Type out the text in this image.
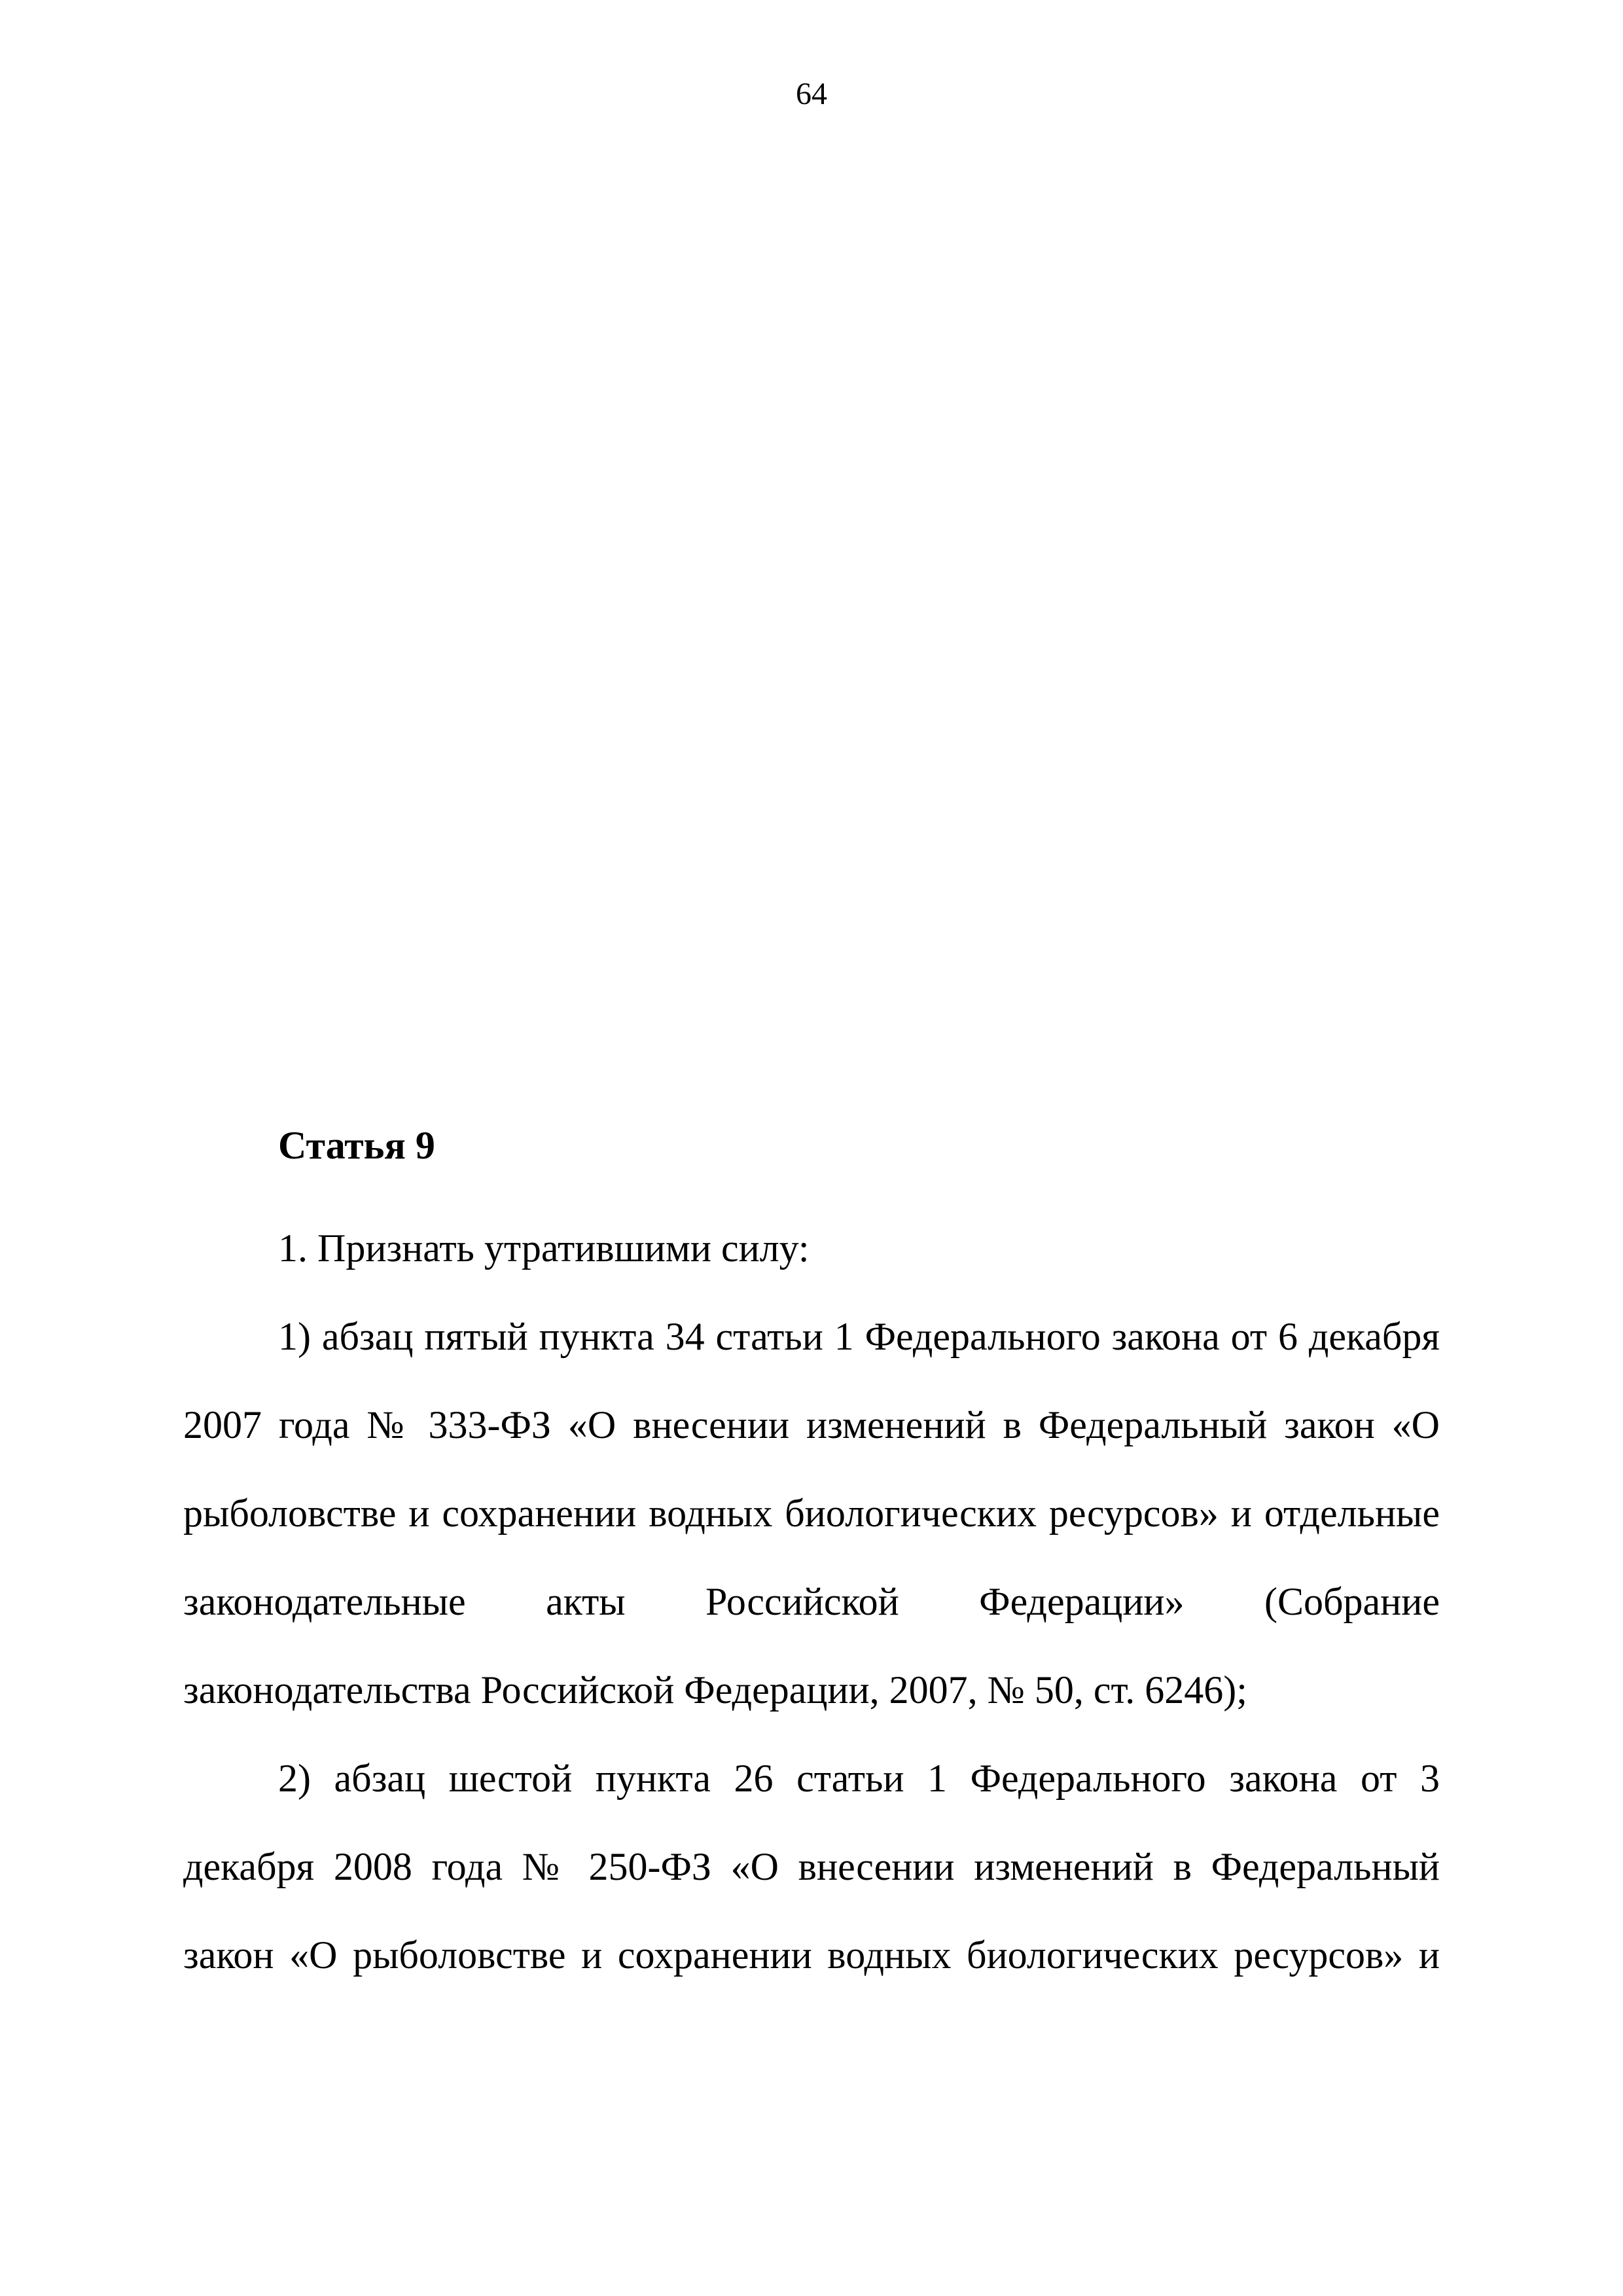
64
Статья 9

1. Признать утратившими силу:

1) абзац пятый пункта 34 статьи 1 Федерального закона от 6 декабря 2007 года № 333-ФЗ «О внесении изменений в Федеральный закон «О рыболовстве и сохранении водных биологических ресурсов» и отдельные законодательные акты Российской Федерации» (Собрание законодательства Российской Федерации, 2007, № 50, ст. 6246);

2) абзац шестой пункта 26 статьи 1 Федерального закона от 3 декабря 2008 года № 250-ФЗ «О внесении изменений в Федеральный закон «О рыболовстве и сохранении водных биологических ресурсов» и
